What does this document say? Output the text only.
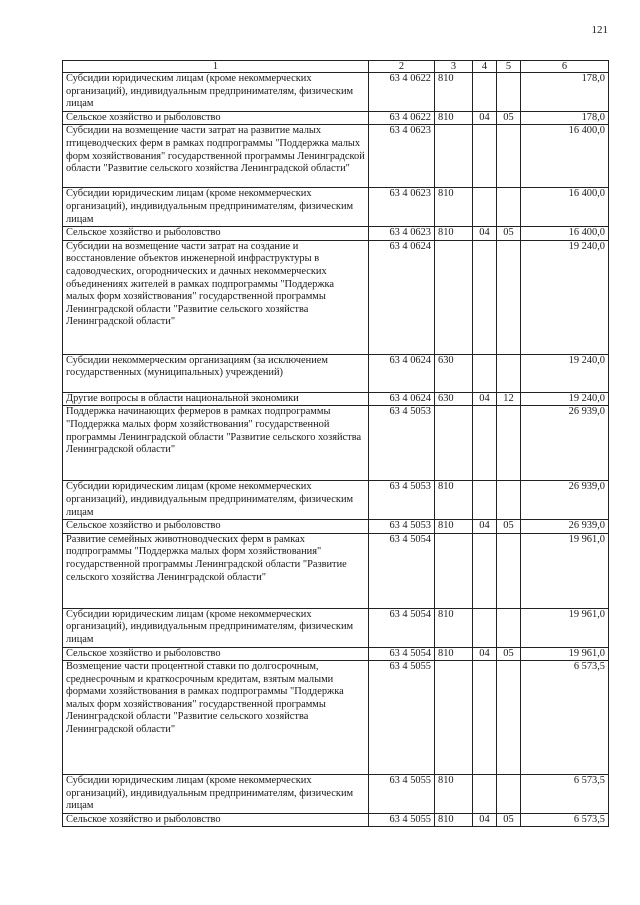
121
1	2	3	4	5	6
Субсидии юридическим лицам (кроме некоммерческих организаций), индивидуальным предпринимателям, физическим лицам	63 4 0622	810			178,0
Сельское хозяйство и рыболовство	63 4 0622	810	04	05	178,0
Субсидии на возмещение части затрат на развитие малых птицеводческих ферм в рамках подпрограммы "Поддержка малых форм хозяйствования" государственной программы Ленинградской области "Развитие сельского хозяйства Ленинградской области"	63 4 0623				16 400,0
Субсидии юридическим лицам (кроме некоммерческих организаций), индивидуальным предпринимателям, физическим лицам	63 4 0623	810			16 400,0
Сельское хозяйство и рыболовство	63 4 0623	810	04	05	16 400,0
Субсидии на возмещение части затрат на создание и восстановление объектов инженерной инфраструктуры в садоводческих, огороднических и дачных некоммерческих объединениях жителей в рамках подпрограммы "Поддержка малых форм хозяйствования" государственной программы Ленинградской области "Развитие сельского хозяйства Ленинградской области"	63 4 0624				19 240,0
Субсидии некоммерческим организациям (за исключением государственных (муниципальных) учреждений)	63 4 0624	630			19 240,0
Другие вопросы в области национальной экономики	63 4 0624	630	04	12	19 240,0
Поддержка начинающих фермеров в рамках подпрограммы "Поддержка малых форм хозяйствования" государственной программы Ленинградской области "Развитие сельского хозяйства Ленинградской области"	63 4 5053				26 939,0
Субсидии юридическим лицам (кроме некоммерческих организаций), индивидуальным предпринимателям, физическим лицам	63 4 5053	810			26 939,0
Сельское хозяйство и рыболовство	63 4 5053	810	04	05	26 939,0
Развитие семейных животноводческих ферм в рамках подпрограммы "Поддержка малых форм хозяйствования" государственной программы Ленинградской области "Развитие сельского хозяйства Ленинградской области"	63 4 5054				19 961,0
Субсидии юридическим лицам (кроме некоммерческих организаций), индивидуальным предпринимателям, физическим лицам	63 4 5054	810			19 961,0
Сельское хозяйство и рыболовство	63 4 5054	810	04	05	19 961,0
Возмещение части процентной ставки по долгосрочным, среднесрочным и краткосрочным кредитам, взятым малыми формами хозяйствования в рамках подпрограммы "Поддержка малых форм хозяйствования" государственной программы Ленинградской области "Развитие сельского хозяйства Ленинградской области"	63 4 5055				6 573,5
Субсидии юридическим лицам (кроме некоммерческих организаций), индивидуальным предпринимателям, физическим лицам	63 4 5055	810			6 573,5
Сельское хозяйство и рыболовство	63 4 5055	810	04	05	6 573,5
